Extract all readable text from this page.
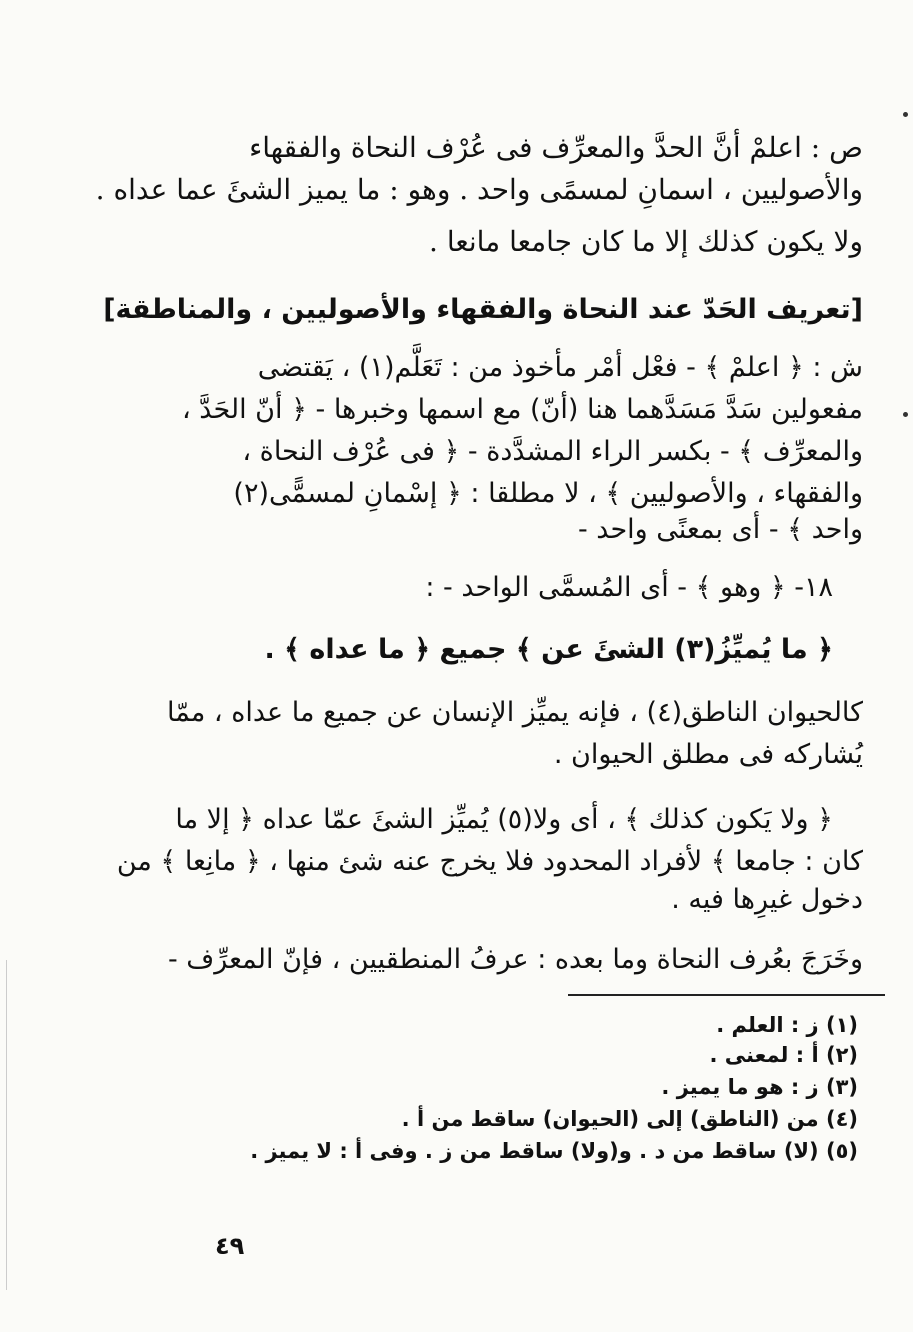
ص : اعلمْ أنَّ الحدَّ والمعرِّف فى عُرْف النحاة والفقهاء
والأصوليين ، اسمانِ لمسمًى واحد . وهو : ما يميز الشئَ عما عداه .
ولا يكون كذلك إلا ما كان جامعا مانعا .
[تعريف الحَدّ عند النحاة والفقهاء والأصوليين ، والمناطقة]
ش : ﴿ اعلمْ ﴾ - فعْل أمْر مأخوذ من : تَعَلَّم(١) ، يَقتضى
مفعولين سَدَّ مَسَدَّهما هنا (أنّ) مع اسمها وخبرها - ﴿ أنّ الحَدَّ ،
والمعرِّف ﴾ - بكسر الراء المشدَّدة - ﴿ فى عُرْف النحاة ،
والفقهاء ، والأصوليين ﴾ ، لا مطلقا : ﴿ إسْمانِ لمسمًّى(٢)
واحد ﴾ - أى بمعنًى واحد -
١٨- ﴿ وهو ﴾ - أى المُسمَّى الواحد - :
﴿ ما يُميِّزُ(٣) الشئَ عن ﴾ جميع ﴿ ما عداه ﴾ .
كالحيوان الناطق(٤) ، فإنه يميِّز الإنسان عن جميع ما عداه ، ممّا
يُشاركه فى مطلق الحيوان .
﴿ ولا يَكون كذلك ﴾ ، أى ولا(٥) يُميِّز الشئَ عمّا عداه ﴿ إلا ما
كان : جامعا ﴾ لأفراد المحدود فلا يخرج عنه شئ منها ، ﴿ مانِعا ﴾ من
دخول غيرِها فيه .
وخَرَجَ بعُرف النحاة وما بعده : عرفُ المنطقيين ، فإنّ المعرِّف -
(١) ز : العلم .
(٢) أ : لمعنى .
(٣) ز : هو ما يميز .
(٤) من (الناطق) إلى (الحيوان) ساقط من أ .
(٥) (لا) ساقط من د . و(ولا) ساقط من ز . وفى أ : لا يميز .
٤٩
